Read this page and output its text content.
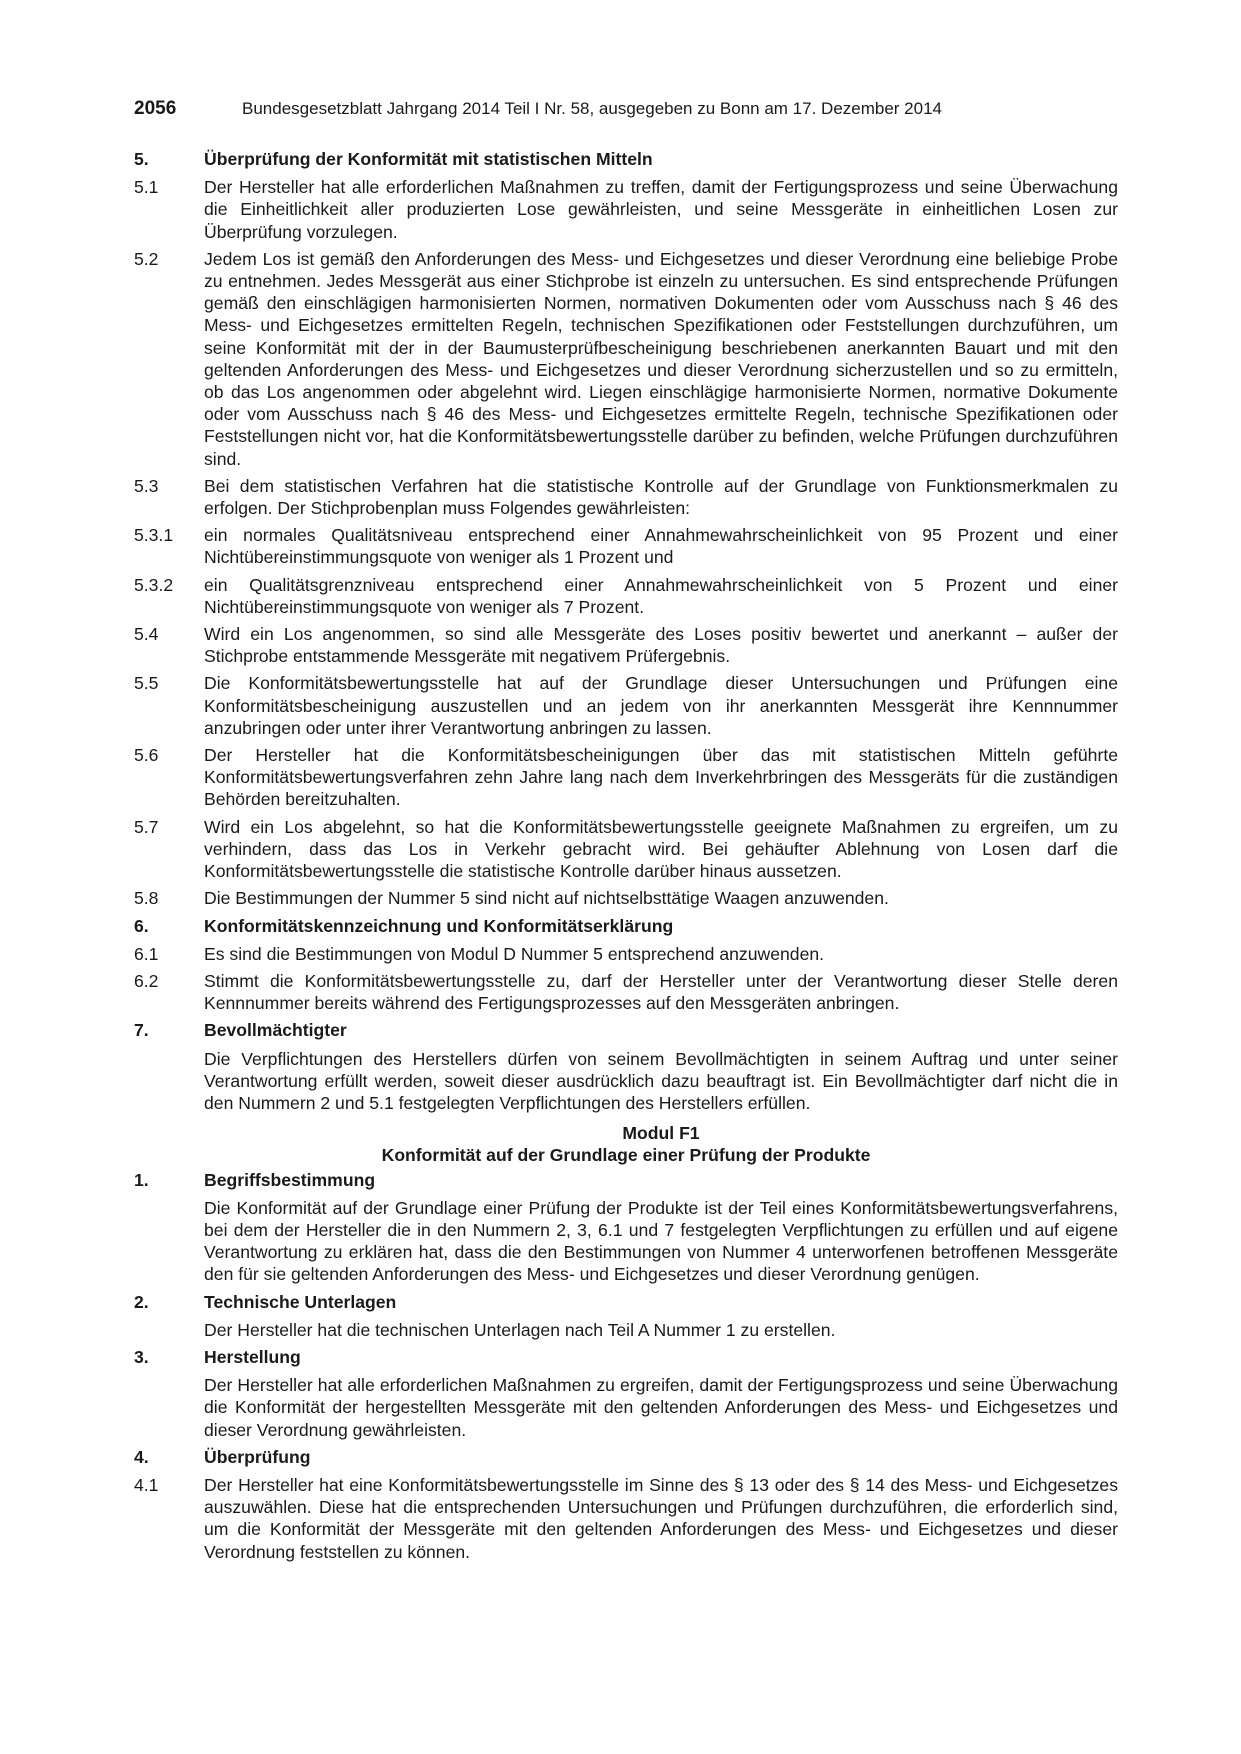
2056	Bundesgesetzblatt Jahrgang 2014 Teil I Nr. 58, ausgegeben zu Bonn am 17. Dezember 2014
5.	Überprüfung der Konformität mit statistischen Mitteln
5.1	Der Hersteller hat alle erforderlichen Maßnahmen zu treffen, damit der Fertigungsprozess und seine Überwachung die Einheitlichkeit aller produzierten Lose gewährleisten, und seine Messgeräte in einheitlichen Losen zur Überprüfung vorzulegen.
5.2	Jedem Los ist gemäß den Anforderungen des Mess- und Eichgesetzes und dieser Verordnung eine beliebige Probe zu entnehmen. Jedes Messgerät aus einer Stichprobe ist einzeln zu untersuchen. Es sind entsprechende Prüfungen gemäß den einschlägigen harmonisierten Normen, normativen Dokumenten oder vom Ausschuss nach § 46 des Mess- und Eichgesetzes ermittelten Regeln, technischen Spezifikationen oder Feststellungen durchzuführen, um seine Konformität mit der in der Baumusterprüfbescheinigung beschriebenen anerkannten Bauart und mit den geltenden Anforderungen des Mess- und Eichgesetzes und dieser Verordnung sicherzustellen und so zu ermitteln, ob das Los angenommen oder abgelehnt wird. Liegen einschlägige harmonisierte Normen, normative Dokumente oder vom Ausschuss nach § 46 des Mess- und Eichgesetzes ermittelte Regeln, technische Spezifikationen oder Feststellungen nicht vor, hat die Konformitätsbewertungsstelle darüber zu befinden, welche Prüfungen durchzuführen sind.
5.3	Bei dem statistischen Verfahren hat die statistische Kontrolle auf der Grundlage von Funktionsmerkmalen zu erfolgen. Der Stichprobenplan muss Folgendes gewährleisten:
5.3.1	ein normales Qualitätsniveau entsprechend einer Annahmewahrscheinlichkeit von 95 Prozent und einer Nichtübereinstimmungsquote von weniger als 1 Prozent und
5.3.2	ein Qualitätsgrenzniveau entsprechend einer Annahmewahrscheinlichkeit von 5 Prozent und einer Nichtübereinstimmungsquote von weniger als 7 Prozent.
5.4	Wird ein Los angenommen, so sind alle Messgeräte des Loses positiv bewertet und anerkannt – außer der Stichprobe entstammende Messgeräte mit negativem Prüfergebnis.
5.5	Die Konformitätsbewertungsstelle hat auf der Grundlage dieser Untersuchungen und Prüfungen eine Konformitätsbescheinigung auszustellen und an jedem von ihr anerkannten Messgerät ihre Kennnummer anzubringen oder unter ihrer Verantwortung anbringen zu lassen.
5.6	Der Hersteller hat die Konformitätsbescheinigungen über das mit statistischen Mitteln geführte Konformitätsbewertungsverfahren zehn Jahre lang nach dem Inverkehrbringen des Messgeräts für die zuständigen Behörden bereitzuhalten.
5.7	Wird ein Los abgelehnt, so hat die Konformitätsbewertungsstelle geeignete Maßnahmen zu ergreifen, um zu verhindern, dass das Los in Verkehr gebracht wird. Bei gehäufter Ablehnung von Losen darf die Konformitätsbewertungsstelle die statistische Kontrolle darüber hinaus aussetzen.
5.8	Die Bestimmungen der Nummer 5 sind nicht auf nichtselbsttätige Waagen anzuwenden.
6.	Konformitätskennzeichnung und Konformitätserklärung
6.1	Es sind die Bestimmungen von Modul D Nummer 5 entsprechend anzuwenden.
6.2	Stimmt die Konformitätsbewertungsstelle zu, darf der Hersteller unter der Verantwortung dieser Stelle deren Kennnummer bereits während des Fertigungsprozesses auf den Messgeräten anbringen.
7.	Bevollmächtigter
Die Verpflichtungen des Herstellers dürfen von seinem Bevollmächtigten in seinem Auftrag und unter seiner Verantwortung erfüllt werden, soweit dieser ausdrücklich dazu beauftragt ist. Ein Bevollmächtigter darf nicht die in den Nummern 2 und 5.1 festgelegten Verpflichtungen des Herstellers erfüllen.
Modul F1
Konformität auf der Grundlage einer Prüfung der Produkte
1.	Begriffsbestimmung
Die Konformität auf der Grundlage einer Prüfung der Produkte ist der Teil eines Konformitätsbewertungsverfahrens, bei dem der Hersteller die in den Nummern 2, 3, 6.1 und 7 festgelegten Verpflichtungen zu erfüllen und auf eigene Verantwortung zu erklären hat, dass die den Bestimmungen von Nummer 4 unterworfenen betroffenen Messgeräte den für sie geltenden Anforderungen des Mess- und Eichgesetzes und dieser Verordnung genügen.
2.	Technische Unterlagen
Der Hersteller hat die technischen Unterlagen nach Teil A Nummer 1 zu erstellen.
3.	Herstellung
Der Hersteller hat alle erforderlichen Maßnahmen zu ergreifen, damit der Fertigungsprozess und seine Überwachung die Konformität der hergestellten Messgeräte mit den geltenden Anforderungen des Mess- und Eichgesetzes und dieser Verordnung gewährleisten.
4.	Überprüfung
4.1	Der Hersteller hat eine Konformitätsbewertungsstelle im Sinne des § 13 oder des § 14 des Mess- und Eichgesetzes auszuwählen. Diese hat die entsprechenden Untersuchungen und Prüfungen durchzuführen, die erforderlich sind, um die Konformität der Messgeräte mit den geltenden Anforderungen des Mess- und Eichgesetzes und dieser Verordnung feststellen zu können.
